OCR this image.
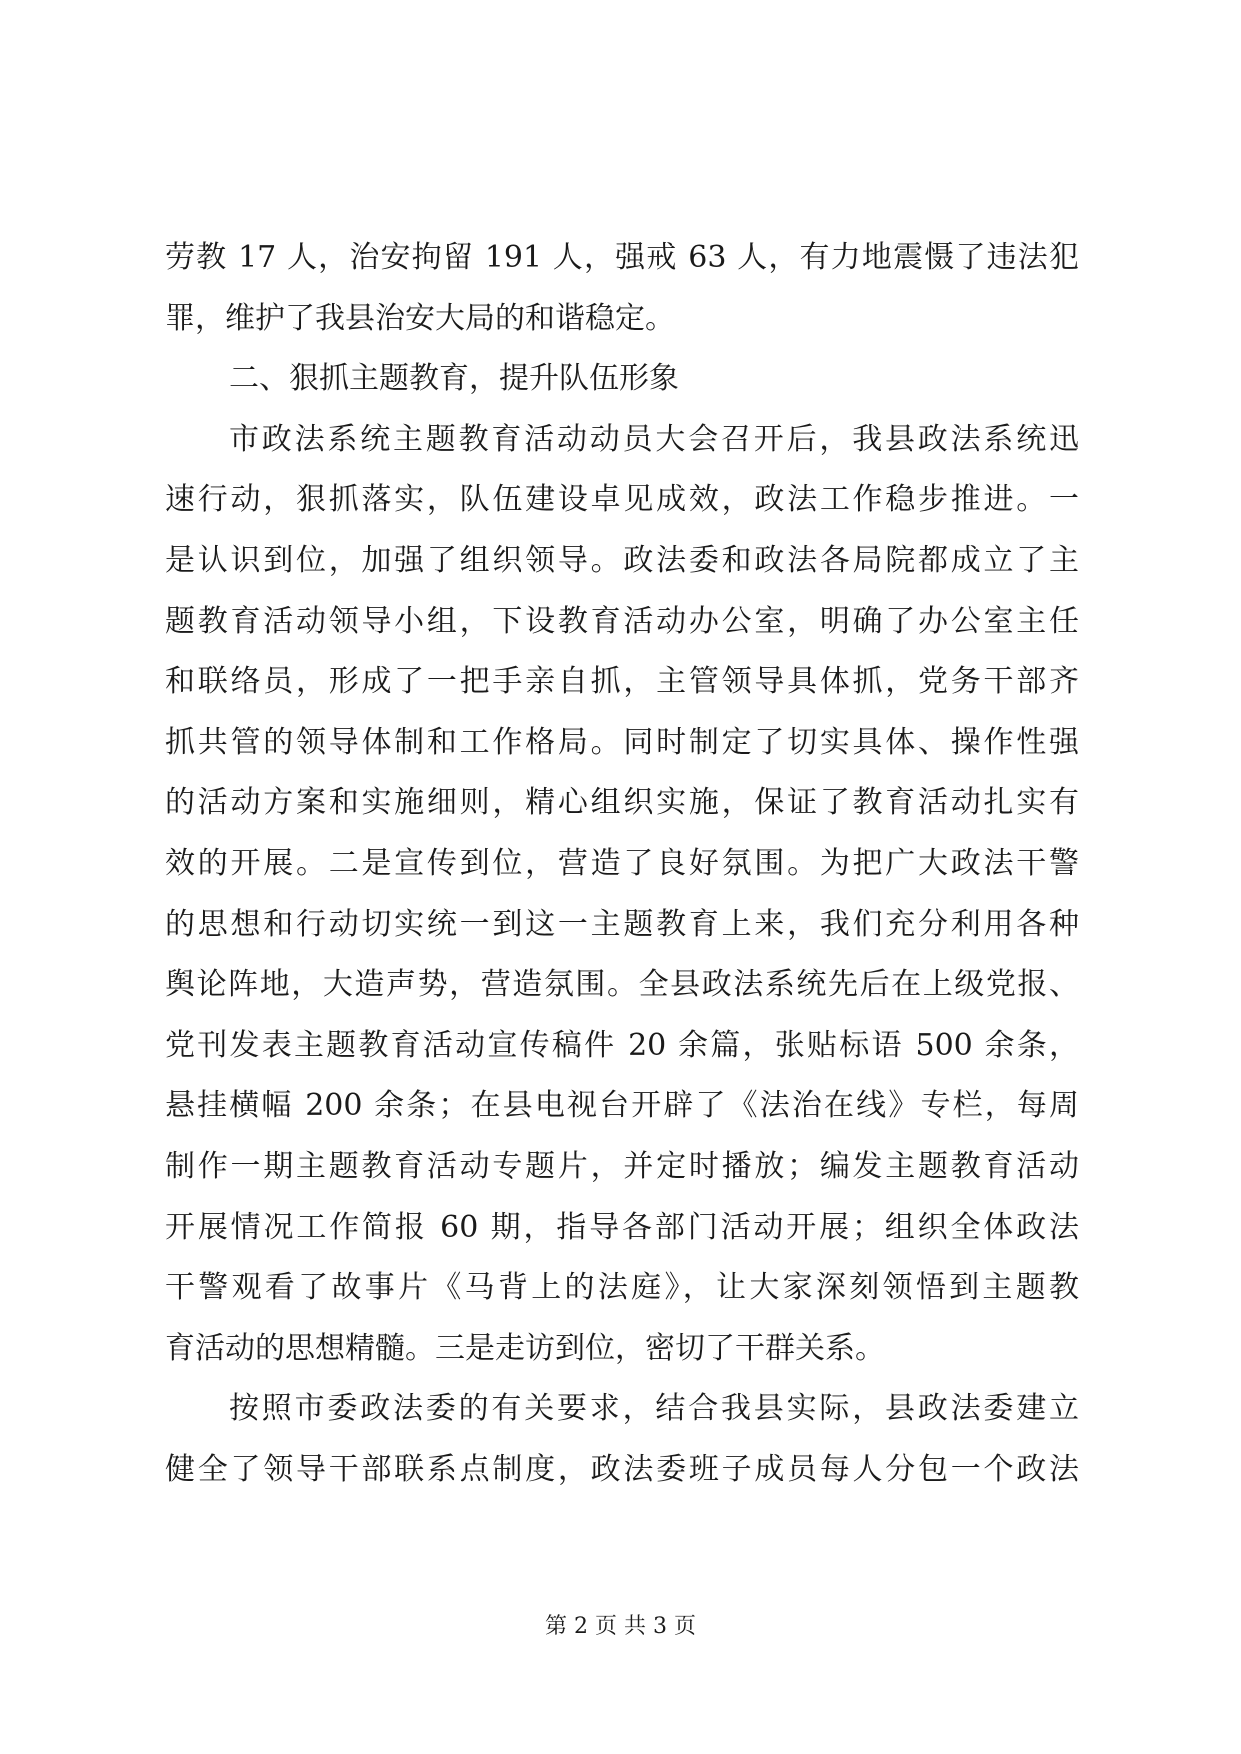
劳教 17 人，治安拘留 191 人，强戒 63 人，有力地震慑了违法犯
罪，维护了我县治安大局的和谐稳定。
二、狠抓主题教育，提升队伍形象
市政法系统主题教育活动动员大会召开后，我县政法系统迅
速行动，狠抓落实，队伍建设卓见成效，政法工作稳步推进。一
是认识到位，加强了组织领导。政法委和政法各局院都成立了主
题教育活动领导小组，下设教育活动办公室，明确了办公室主任
和联络员，形成了一把手亲自抓，主管领导具体抓，党务干部齐
抓共管的领导体制和工作格局。同时制定了切实具体、操作性强
的活动方案和实施细则，精心组织实施，保证了教育活动扎实有
效的开展。二是宣传到位，营造了良好氛围。为把广大政法干警
的思想和行动切实统一到这一主题教育上来，我们充分利用各种
舆论阵地，大造声势，营造氛围。全县政法系统先后在上级党报、
党刊发表主题教育活动宣传稿件 20 余篇，张贴标语 500 余条，
悬挂横幅 200 余条；在县电视台开辟了《法治在线》专栏，每周
制作一期主题教育活动专题片，并定时播放；编发主题教育活动
开展情况工作简报 60 期，指导各部门活动开展；组织全体政法
干警观看了故事片《马背上的法庭》，让大家深刻领悟到主题教
育活动的思想精髓。三是走访到位，密切了干群关系。
按照市委政法委的有关要求，结合我县实际，县政法委建立
健全了领导干部联系点制度，政法委班子成员每人分包一个政法
第 2 页 共 3 页
